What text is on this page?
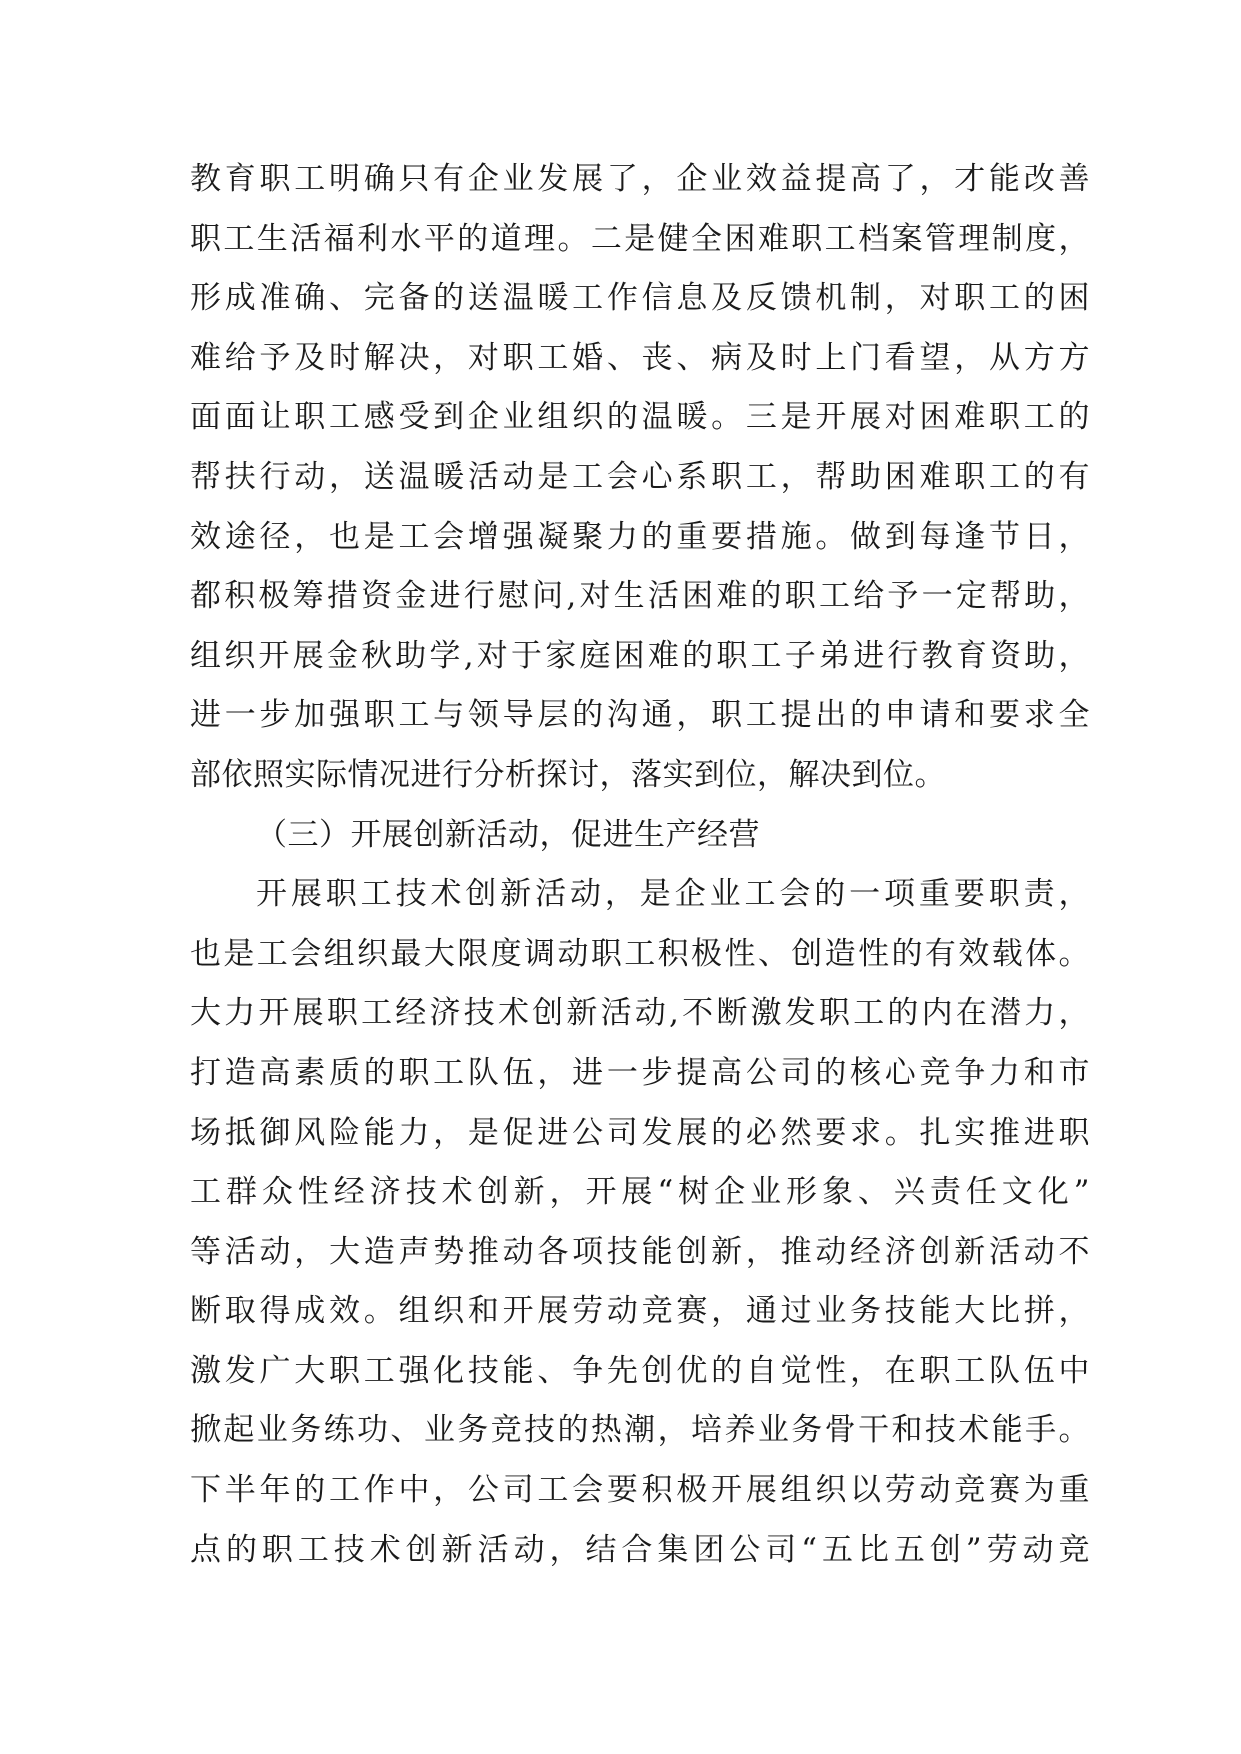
教育职工明确只有企业发展了，企业效益提高了，才能改善
职工生活福利水平的道理。二是健全困难职工档案管理制度，
形成准确、完备的送温暖工作信息及反馈机制，对职工的困
难给予及时解决，对职工婚、丧、病及时上门看望，从方方
面面让职工感受到企业组织的温暖。三是开展对困难职工的
帮扶行动，送温暖活动是工会心系职工，帮助困难职工的有
效途径，也是工会增强凝聚力的重要措施。做到每逢节日，
都积极筹措资金进行慰问,对生活困难的职工给予一定帮助，
组织开展金秋助学,对于家庭困难的职工子弟进行教育资助，
进一步加强职工与领导层的沟通，职工提出的申请和要求全
部依照实际情况进行分析探讨，落实到位，解决到位。
（三）开展创新活动，促进生产经营
开展职工技术创新活动，是企业工会的一项重要职责，
也是工会组织最大限度调动职工积极性、创造性的有效载体。
大力开展职工经济技术创新活动,不断激发职工的内在潜力，
打造高素质的职工队伍，进一步提高公司的核心竞争力和市
场抵御风险能力，是促进公司发展的必然要求。扎实推进职
工群众性经济技术创新，开展“树企业形象、兴责任文化”
等活动，大造声势推动各项技能创新，推动经济创新活动不
断取得成效。组织和开展劳动竞赛，通过业务技能大比拼，
激发广大职工强化技能、争先创优的自觉性，在职工队伍中
掀起业务练功、业务竞技的热潮，培养业务骨干和技术能手。
下半年的工作中，公司工会要积极开展组织以劳动竞赛为重
点的职工技术创新活动，结合集团公司“五比五创”劳动竞
